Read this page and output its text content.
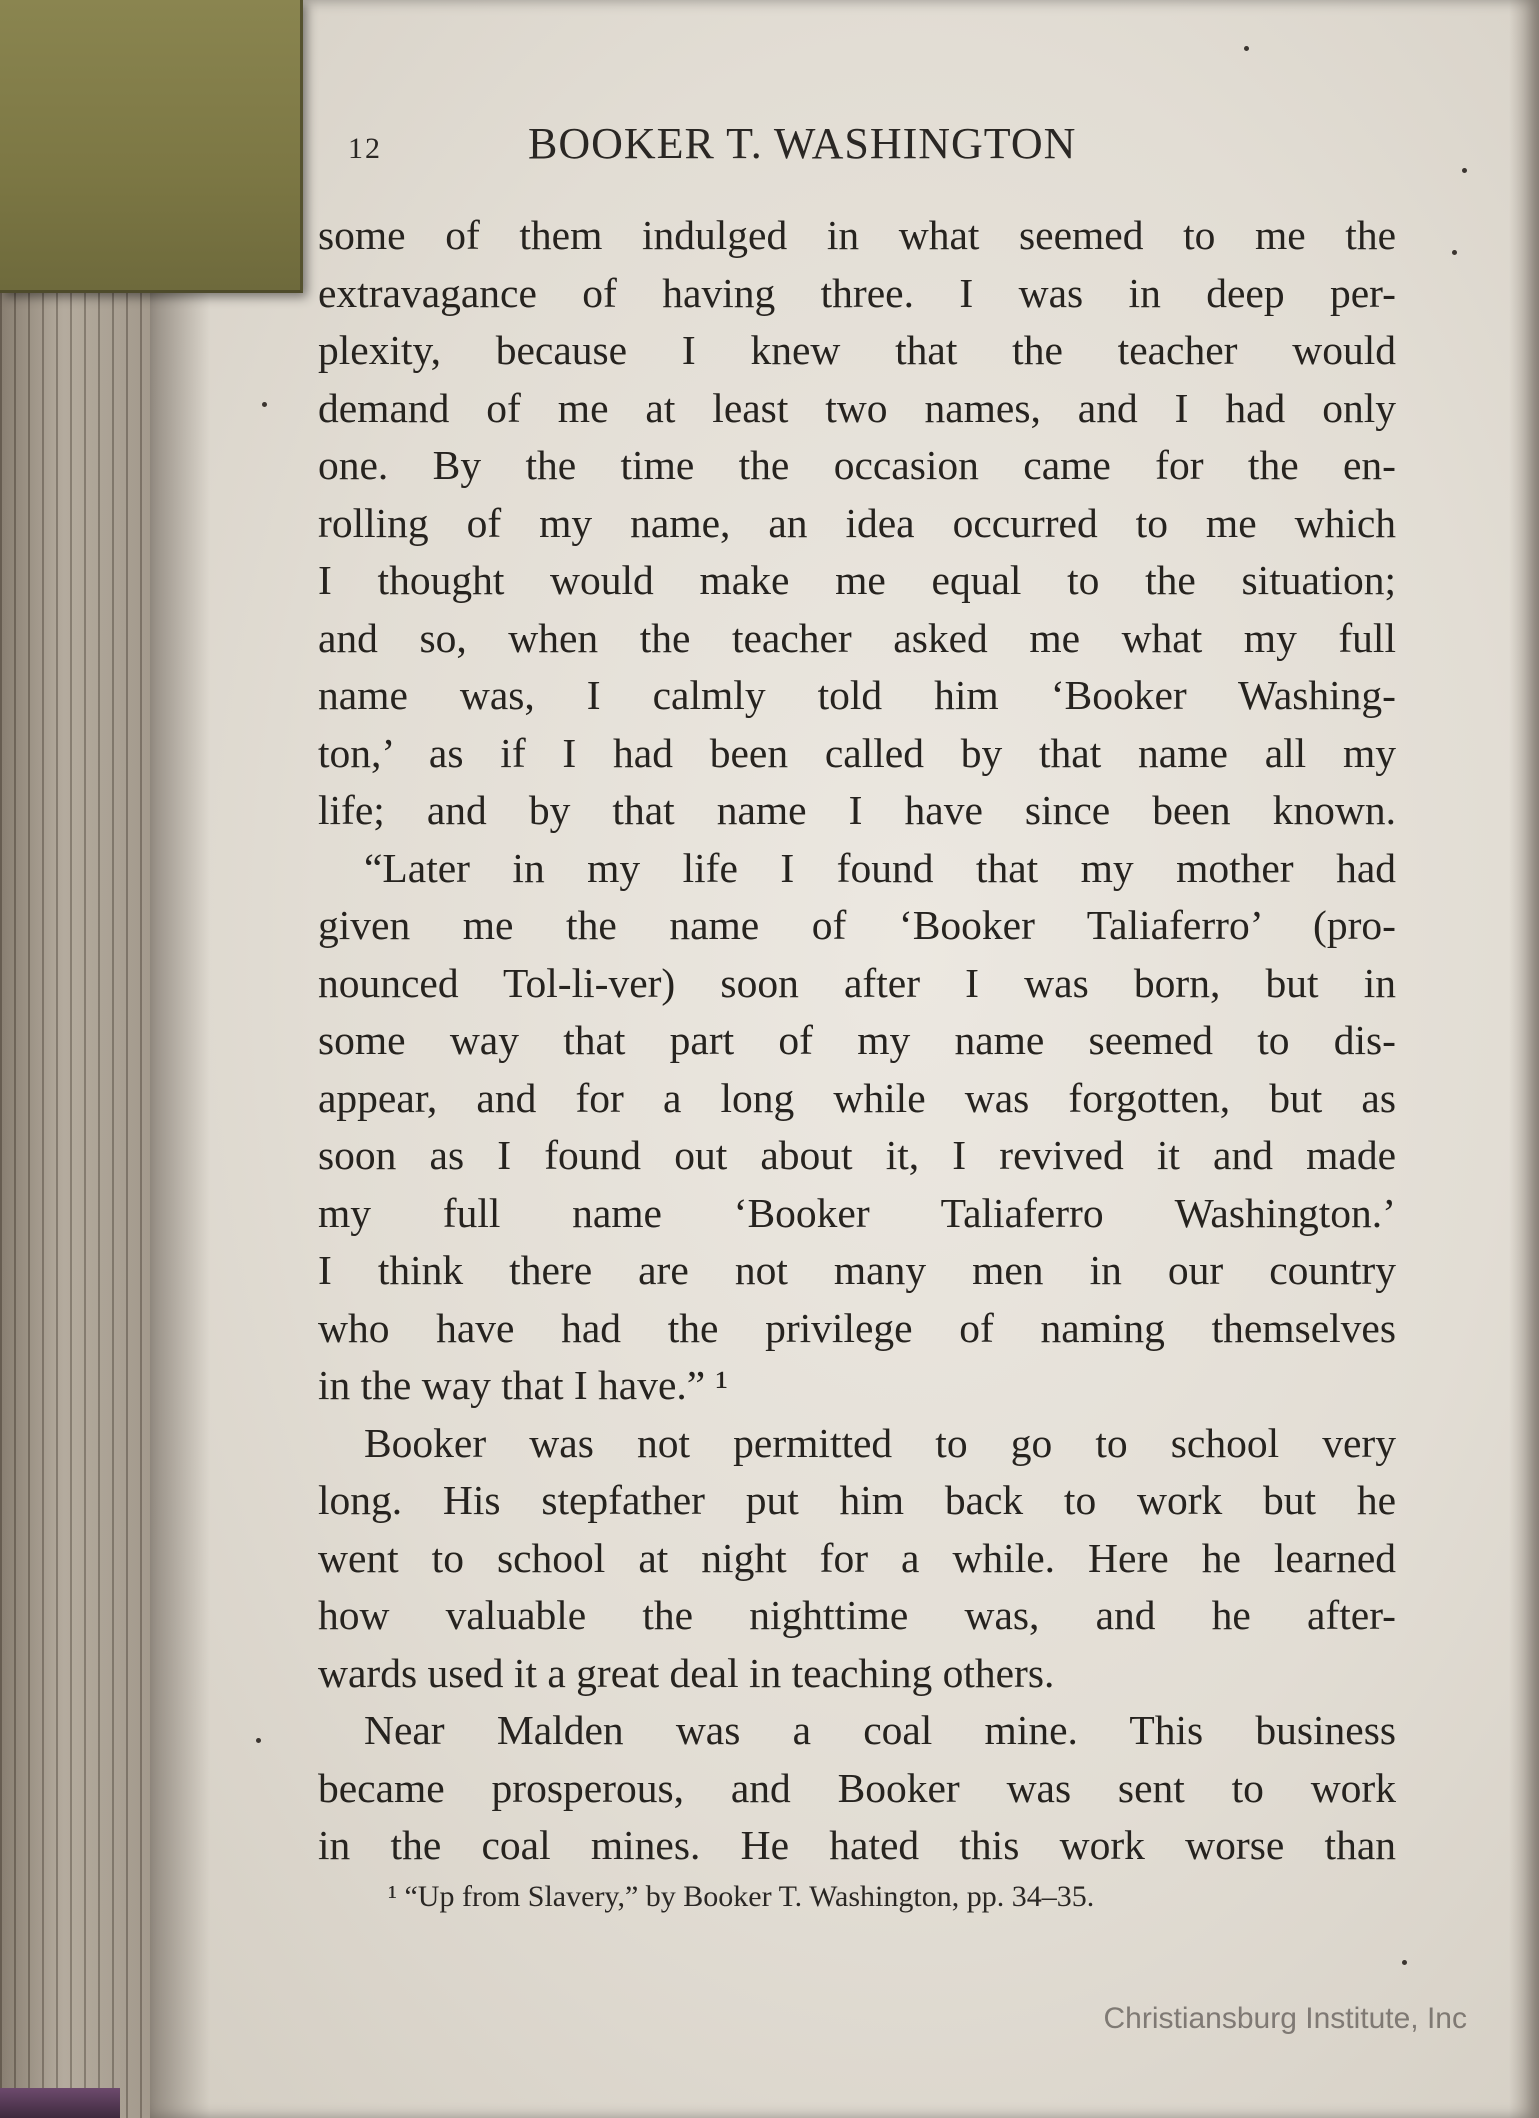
12	BOOKER T. WASHINGTON
some of them indulged in what seemed to me the
extravagance of having three. I was in deep per-
plexity, because I knew that the teacher would
demand of me at least two names, and I had only
one. By the time the occasion came for the en-
rolling of my name, an idea occurred to me which
I thought would make me equal to the situation;
and so, when the teacher asked me what my full
name was, I calmly told him ‘Booker Washing-
ton,’ as if I had been called by that name all my
life; and by that name I have since been known.
“Later in my life I found that my mother had
given me the name of ‘Booker Taliaferro’ (pro-
nounced Tol-li-ver) soon after I was born, but in
some way that part of my name seemed to dis-
appear, and for a long while was forgotten, but as
soon as I found out about it, I revived it and made
my full name ‘Booker Taliaferro Washington.’
I think there are not many men in our country
who have had the privilege of naming themselves
in the way that I have.” ¹
Booker was not permitted to go to school very
long. His stepfather put him back to work but he
went to school at night for a while. Here he learned
how valuable the nighttime was, and he after-
wards used it a great deal in teaching others.
Near Malden was a coal mine. This business
became prosperous, and Booker was sent to work
in the coal mines. He hated this work worse than
¹ “Up from Slavery,” by Booker T. Washington, pp. 34–35.
Christiansburg Institute, Inc
